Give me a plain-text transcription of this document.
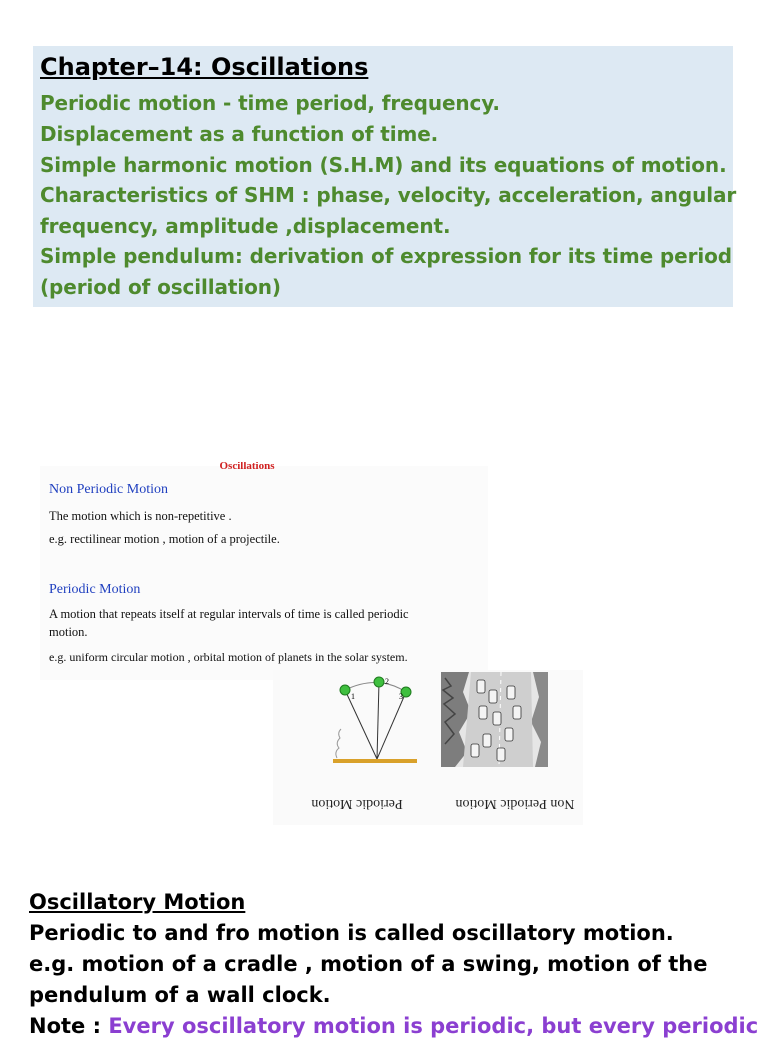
Chapter–14: Oscillations
Periodic motion - time period, frequency.
Displacement as a function of time.
Simple harmonic motion (S.H.M) and its equations of motion.
Characteristics of SHM : phase, velocity, acceleration, angular
frequency, amplitude ,displacement.
Simple pendulum: derivation of expression for its time period
(period of oscillation)
Oscillations
Non Periodic Motion
The motion which is non-repetitive .
e.g. rectilinear motion , motion of a projectile.
Periodic Motion
A motion that repeats itself at regular intervals of time is called periodic
motion.
e.g. uniform circular motion , orbital motion of planets in the solar system.
1
2
3
Periodic Motion	Non Periodic Motion
Oscillatory Motion
Periodic to and fro motion is called oscillatory motion.
e.g. motion of a cradle , motion of a swing, motion of the
pendulum of a wall clock.
Note : Every oscillatory motion is periodic, but every periodic
